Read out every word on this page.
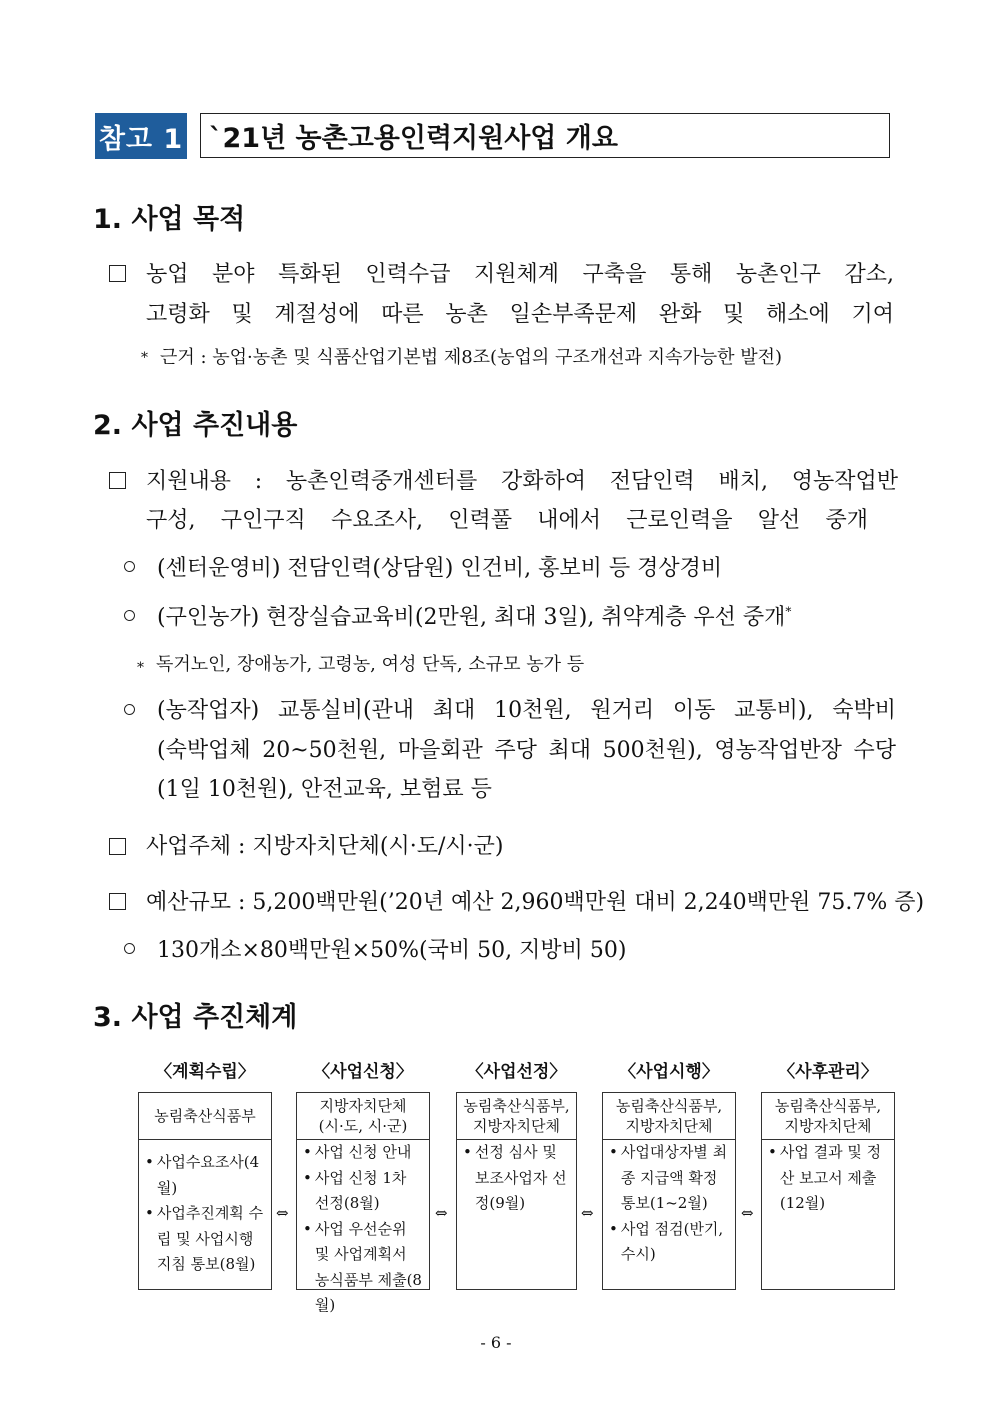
참고 1 `21년 농촌고용인력지원사업 개요
1. 사업 목적
농업 분야 특화된 인력수급 지원체계 구축을 통해 농촌인구 감소,
고령화 및 계절성에 따른 농촌 일손부족문제 완화 및 해소에 기여
* 근거 : 농업·농촌 및 식품산업기본법 제8조(농업의 구조개선과 지속가능한 발전)
2. 사업 추진내용
지원내용 : 농촌인력중개센터를 강화하여 전담인력 배치, 영농작업반
구성, 구인구직 수요조사, 인력풀 내에서 근로인력을 알선 중개
(센터운영비) 전담인력(상담원) 인건비, 홍보비 등 경상경비
(구인농가) 현장실습교육비(2만원, 최대 3일), 취약계층 우선 중개*
* 독거노인, 장애농가, 고령농, 여성 단독, 소규모 농가 등
(농작업자) 교통실비(관내 최대 10천원, 원거리 이동 교통비), 숙박비
(숙박업체 20~50천원, 마을회관 주당 최대 500천원), 영농작업반장 수당
(1일 10천원), 안전교육, 보험료 등
사업주체 : 지방자치단체(시·도/시·군)
예산규모 : 5,200백만원(’20년 예산 2,960백만원 대비 2,240백만원 75.7% 증)
130개소×80백만원×50%(국비 50, 지방비 50)
3. 사업 추진체계
〈계획수립〉	〈사업신청〉	〈사업선정〉	〈사업시행〉	〈사후관리〉
농림축산식품부
• 사업수요조사(4월)
• 사업추진계획 수립 및 사업시행지침 통보(8월)
⇔
지방자치단체
(시·도, 시·군)
• 사업 신청 안내
• 사업 신청 1차 선정(8월)
• 사업 우선순위 및 사업계획서 농식품부 제출(8월)
⇔
농림축산식품부,
지방자치단체
• 선정 심사 및 보조사업자 선정(9월)
⇔
농림축산식품부,
지방자치단체
• 사업대상자별 최종 지급액 확정 통보(1~2월)
• 사업 점검(반기, 수시)
⇔
농림축산식품부,
지방자치단체
• 사업 결과 및 정산 보고서 제출(12월)
- 6 -
